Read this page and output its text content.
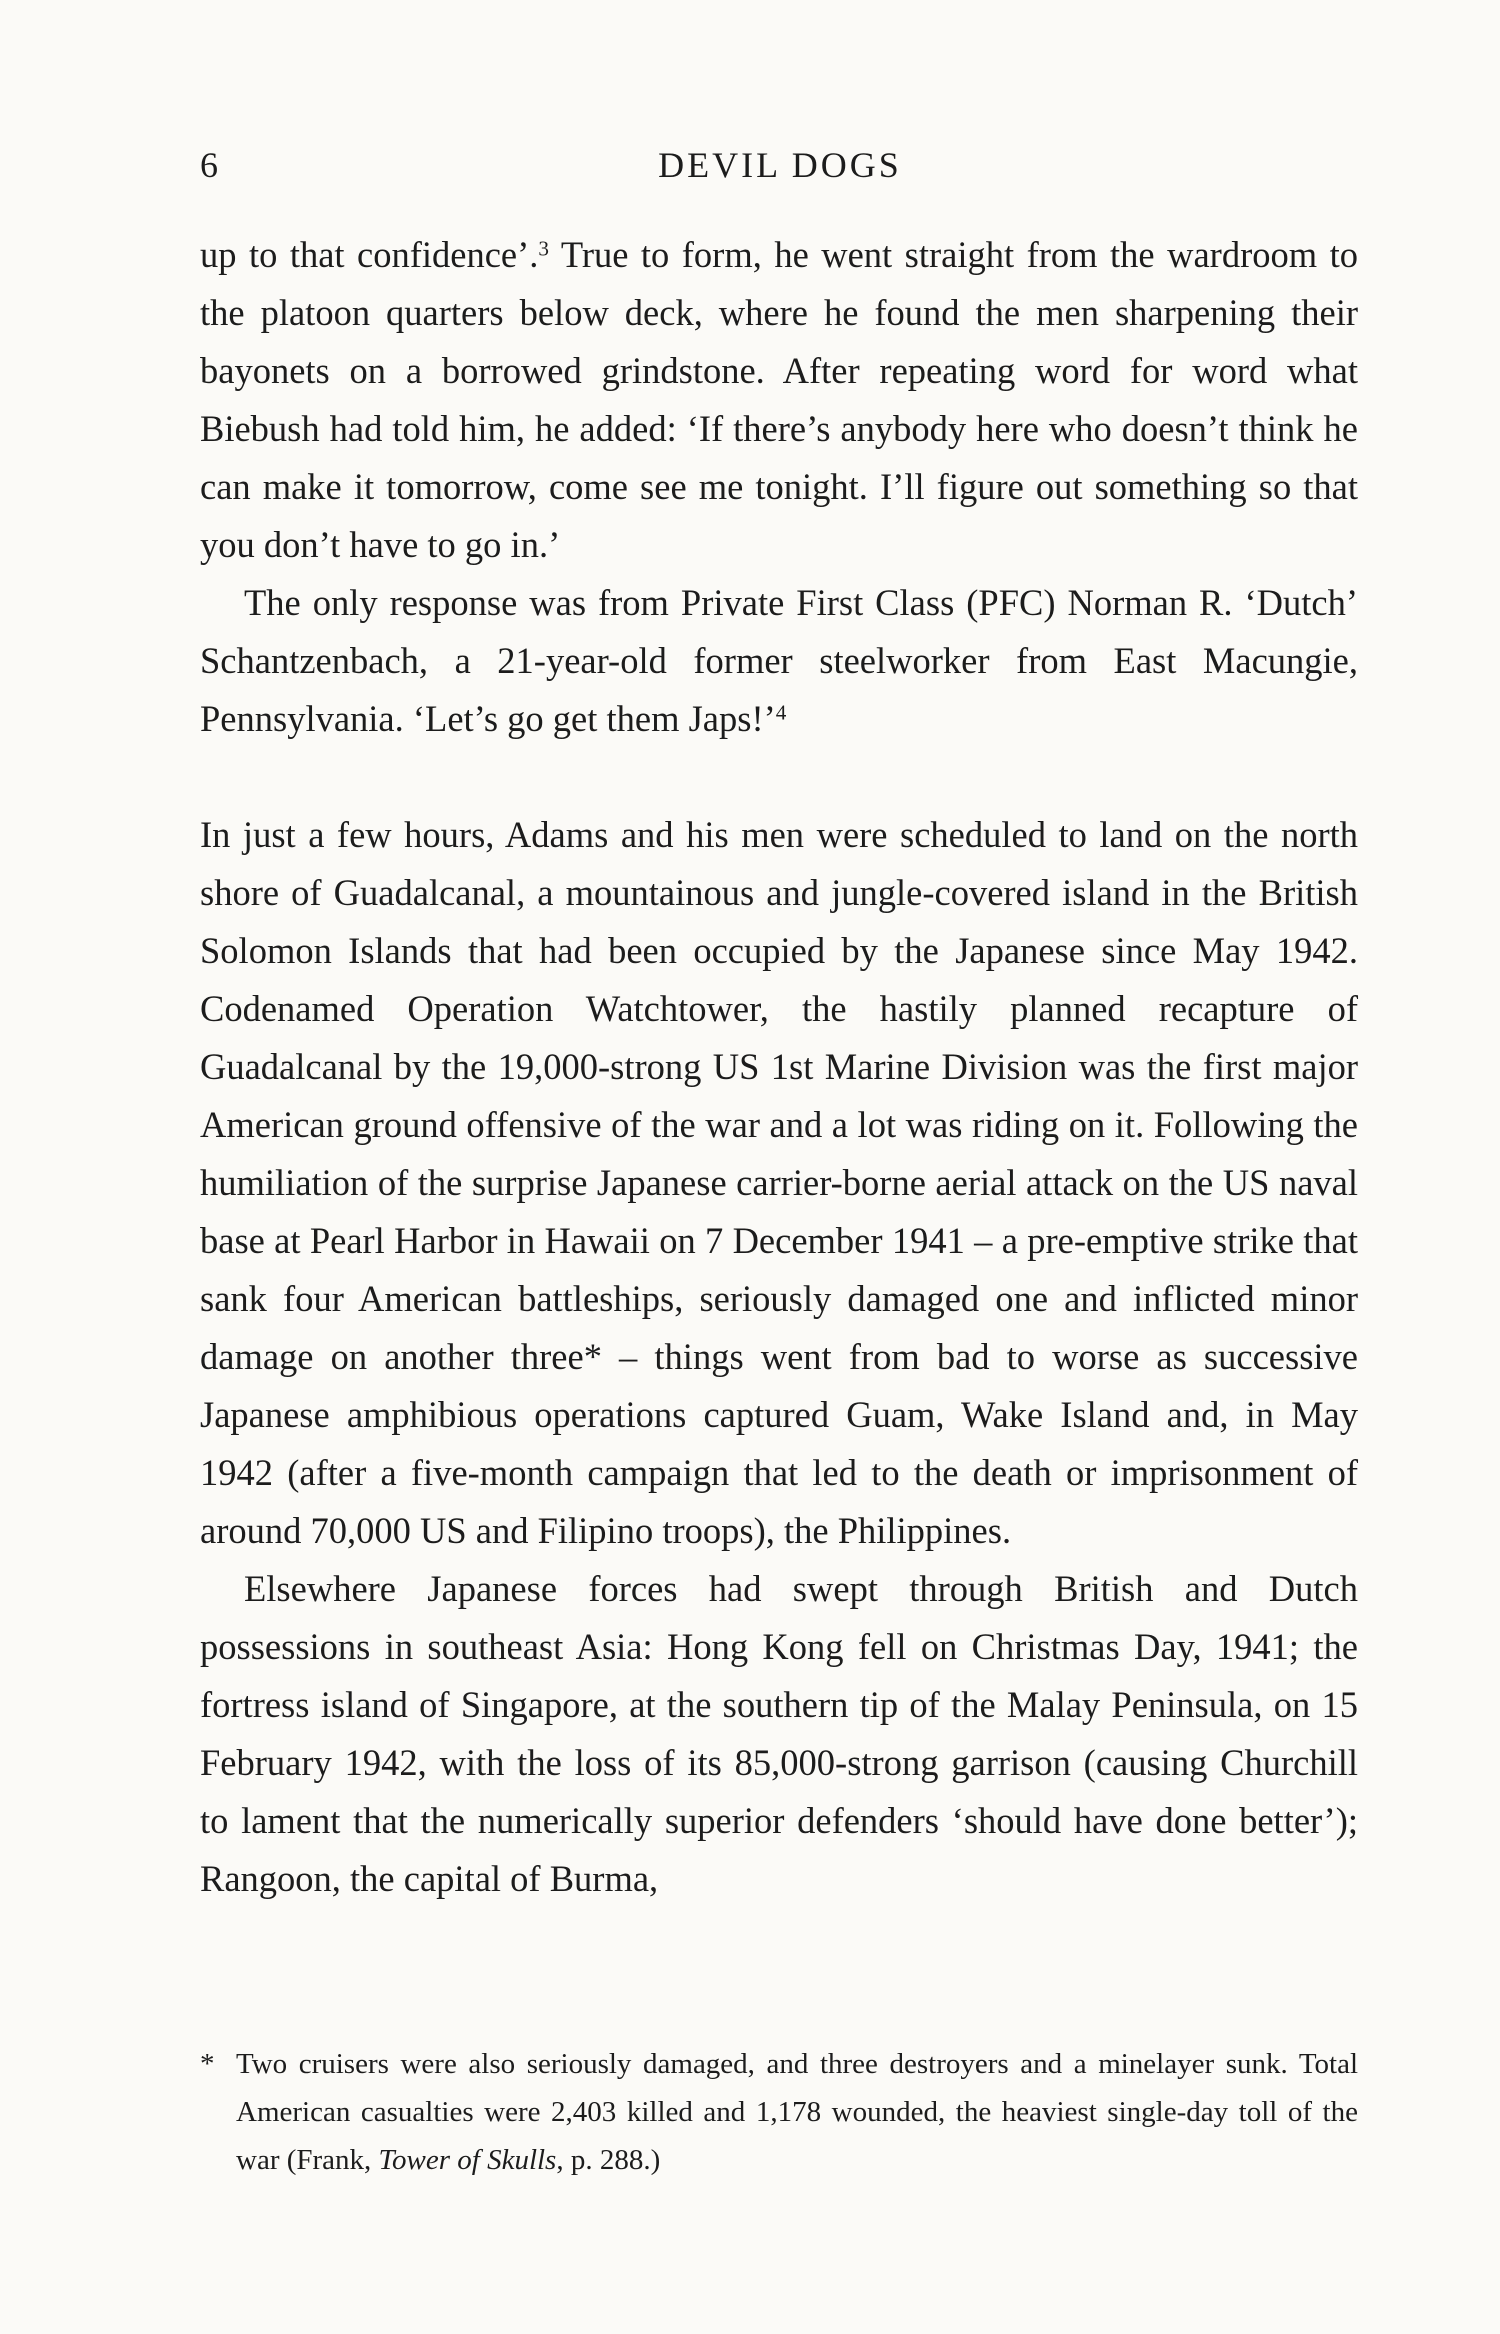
6	DEVIL DOGS

up to that confidence’.$^3$ True to form, he went straight from the wardroom to the platoon quarters below deck, where he found the men sharpening their bayonets on a borrowed grindstone. After repeating word for word what Biebush had told him, he added: ‘If there’s anybody here who doesn’t think he can make it tomorrow, come see me tonight. I’ll figure out something so that you don’t have to go in.’

The only response was from Private First Class (PFC) Norman R. ‘Dutch’ Schantzenbach, a 21-year-old former steelworker from East Macungie, Pennsylvania. ‘Let’s go get them Japs!’$^4$

In just a few hours, Adams and his men were scheduled to land on the north shore of Guadalcanal, a mountainous and jungle-covered island in the British Solomon Islands that had been occupied by the Japanese since May 1942. Codenamed Operation Watchtower, the hastily planned recapture of Guadalcanal by the 19,000-strong US 1st Marine Division was the first major American ground offensive of the war and a lot was riding on it. Following the humiliation of the surprise Japanese carrier-borne aerial attack on the US naval base at Pearl Harbor in Hawaii on 7 December 1941 – a pre-emptive strike that sank four American battleships, seriously damaged one and inflicted minor damage on another three* – things went from bad to worse as successive Japanese amphibious operations captured Guam, Wake Island and, in May 1942 (after a five-month campaign that led to the death or imprisonment of around 70,000 US and Filipino troops), the Philippines.

Elsewhere Japanese forces had swept through British and Dutch possessions in southeast Asia: Hong Kong fell on Christmas Day, 1941; the fortress island of Singapore, at the southern tip of the Malay Peninsula, on 15 February 1942, with the loss of its 85,000-strong garrison (causing Churchill to lament that the numerically superior defenders ‘should have done better’); Rangoon, the capital of Burma,

* Two cruisers were also seriously damaged, and three destroyers and a minelayer sunk. Total American casualties were 2,403 killed and 1,178 wounded, the heaviest single-day toll of the war (Frank, Tower of Skulls, p. 288.)
